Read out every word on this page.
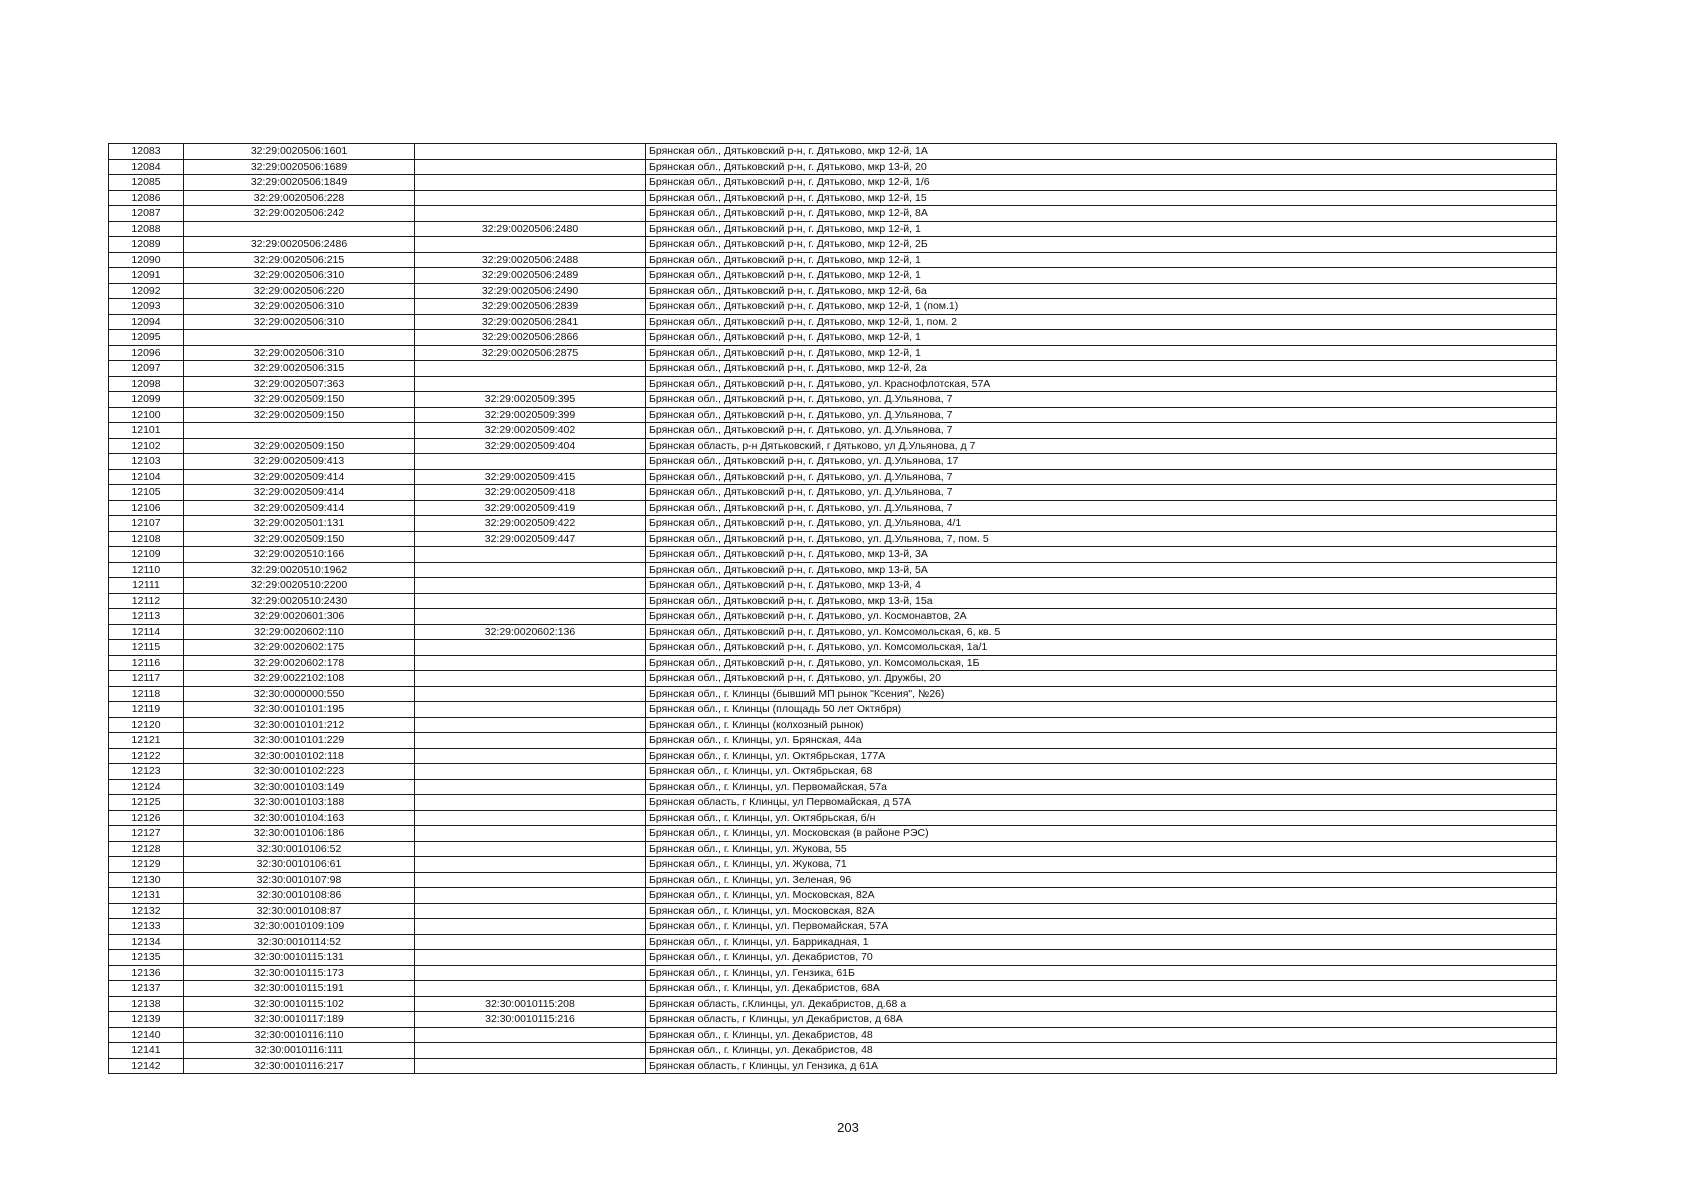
12083	32:29:0020506:1601		Брянская обл., Дятьковский р-н, г. Дятьково, мкр 12-й, 1А
12084	32:29:0020506:1689		Брянская обл., Дятьковский р-н, г. Дятьково, мкр 13-й, 20
12085	32:29:0020506:1849		Брянская обл., Дятьковский р-н, г. Дятьково, мкр 12-й, 1/6
12086	32:29:0020506:228		Брянская обл., Дятьковский р-н, г. Дятьково, мкр 12-й, 15
12087	32:29:0020506:242		Брянская обл., Дятьковский р-н, г. Дятьково, мкр 12-й, 8А
12088		32:29:0020506:2480	Брянская обл., Дятьковский р-н, г. Дятьково, мкр 12-й, 1
12089	32:29:0020506:2486		Брянская обл., Дятьковский р-н, г. Дятьково, мкр 12-й, 2Б
12090	32:29:0020506:215	32:29:0020506:2488	Брянская обл., Дятьковский р-н, г. Дятьково, мкр 12-й, 1
12091	32:29:0020506:310	32:29:0020506:2489	Брянская обл., Дятьковский р-н, г. Дятьково, мкр 12-й, 1
12092	32:29:0020506:220	32:29:0020506:2490	Брянская обл., Дятьковский р-н, г. Дятьково, мкр 12-й, 6а
12093	32:29:0020506:310	32:29:0020506:2839	Брянская обл., Дятьковский р-н, г. Дятьково, мкр 12-й, 1 (пом.1)
12094	32:29:0020506:310	32:29:0020506:2841	Брянская обл., Дятьковский р-н, г. Дятьково, мкр 12-й, 1, пом. 2
12095		32:29:0020506:2866	Брянская обл., Дятьковский р-н, г. Дятьково, мкр 12-й, 1
12096	32:29:0020506:310	32:29:0020506:2875	Брянская обл., Дятьковский р-н, г. Дятьково, мкр 12-й, 1
12097	32:29:0020506:315		Брянская обл., Дятьковский р-н, г. Дятьково, мкр 12-й, 2а
12098	32:29:0020507:363		Брянская обл., Дятьковский р-н, г. Дятьково, ул. Краснофлотская, 57А
12099	32:29:0020509:150	32:29:0020509:395	Брянская обл., Дятьковский р-н, г. Дятьково, ул. Д.Ульянова, 7
12100	32:29:0020509:150	32:29:0020509:399	Брянская обл., Дятьковский р-н, г. Дятьково, ул. Д.Ульянова, 7
12101		32:29:0020509:402	Брянская обл., Дятьковский р-н, г. Дятьково, ул. Д.Ульянова, 7
12102	32:29:0020509:150	32:29:0020509:404	Брянская область, р-н Дятьковский, г Дятьково, ул Д.Ульянова, д 7
12103	32:29:0020509:413		Брянская обл., Дятьковский р-н, г. Дятьково, ул. Д.Ульянова, 17
12104	32:29:0020509:414	32:29:0020509:415	Брянская обл., Дятьковский р-н, г. Дятьково, ул. Д.Ульянова, 7
12105	32:29:0020509:414	32:29:0020509:418	Брянская обл., Дятьковский р-н, г. Дятьково, ул. Д.Ульянова, 7
12106	32:29:0020509:414	32:29:0020509:419	Брянская обл., Дятьковский р-н, г. Дятьково, ул. Д.Ульянова, 7
12107	32:29:0020501:131	32:29:0020509:422	Брянская обл., Дятьковский р-н, г. Дятьково, ул. Д.Ульянова, 4/1
12108	32:29:0020509:150	32:29:0020509:447	Брянская обл., Дятьковский р-н, г. Дятьково, ул. Д.Ульянова, 7, пом. 5
12109	32:29:0020510:166		Брянская обл., Дятьковский р-н, г. Дятьково, мкр 13-й, 3А
12110	32:29:0020510:1962		Брянская обл., Дятьковский р-н, г. Дятьково, мкр 13-й, 5А
12111	32:29:0020510:2200		Брянская обл., Дятьковский р-н, г. Дятьково, мкр 13-й, 4
12112	32:29:0020510:2430		Брянская обл., Дятьковский р-н, г. Дятьково, мкр 13-й, 15а
12113	32:29:0020601:306		Брянская обл., Дятьковский р-н, г. Дятьково, ул. Космонавтов, 2А
12114	32:29:0020602:110	32:29:0020602:136	Брянская обл., Дятьковский р-н, г. Дятьково, ул. Комсомольская, 6, кв. 5
12115	32:29:0020602:175		Брянская обл., Дятьковский р-н, г. Дятьково, ул. Комсомольская, 1а/1
12116	32:29:0020602:178		Брянская обл., Дятьковский р-н, г. Дятьково, ул. Комсомольская, 1Б
12117	32:29:0022102:108		Брянская обл., Дятьковский р-н, г. Дятьково, ул. Дружбы, 20
12118	32:30:0000000:550		Брянская обл., г. Клинцы (бывший МП рынок "Ксения", №26)
12119	32:30:0010101:195		Брянская обл., г. Клинцы (площадь 50 лет Октября)
12120	32:30:0010101:212		Брянская обл., г. Клинцы (колхозный рынок)
12121	32:30:0010101:229		Брянская обл., г. Клинцы, ул. Брянская, 44а
12122	32:30:0010102:118		Брянская обл., г. Клинцы, ул. Октябрьская, 177А
12123	32:30:0010102:223		Брянская обл., г. Клинцы, ул. Октябрьская, 68
12124	32:30:0010103:149		Брянская обл., г. Клинцы, ул. Первомайская, 57а
12125	32:30:0010103:188		Брянская область, г Клинцы, ул Первомайская, д 57А
12126	32:30:0010104:163		Брянская обл., г. Клинцы, ул. Октябрьская, б/н
12127	32:30:0010106:186		Брянская обл., г. Клинцы, ул. Московская (в районе РЭС)
12128	32:30:0010106:52		Брянская обл., г. Клинцы, ул. Жукова, 55
12129	32:30:0010106:61		Брянская обл., г. Клинцы, ул. Жукова, 71
12130	32:30:0010107:98		Брянская обл., г. Клинцы, ул. Зеленая, 96
12131	32:30:0010108:86		Брянская обл., г. Клинцы, ул. Московская, 82А
12132	32:30:0010108:87		Брянская обл., г. Клинцы, ул. Московская, 82А
12133	32:30:0010109:109		Брянская обл., г. Клинцы, ул. Первомайская, 57А
12134	32:30:0010114:52		Брянская обл., г. Клинцы, ул. Баррикадная, 1
12135	32:30:0010115:131		Брянская обл., г. Клинцы, ул. Декабристов, 70
12136	32:30:0010115:173		Брянская обл., г. Клинцы, ул. Гензика, 61Б
12137	32:30:0010115:191		Брянская обл., г. Клинцы, ул. Декабристов, 68А
12138	32:30:0010115:102	32:30:0010115:208	Брянская область, г.Клинцы, ул. Декабристов, д.68 а
12139	32:30:0010117:189	32:30:0010115:216	Брянская область, г Клинцы, ул Декабристов, д 68А
12140	32:30:0010116:110		Брянская обл., г. Клинцы, ул. Декабристов, 48
12141	32:30:0010116:111		Брянская обл., г. Клинцы, ул. Декабристов, 48
12142	32:30:0010116:217		Брянская область, г Клинцы, ул Гензика, д 61А
203
